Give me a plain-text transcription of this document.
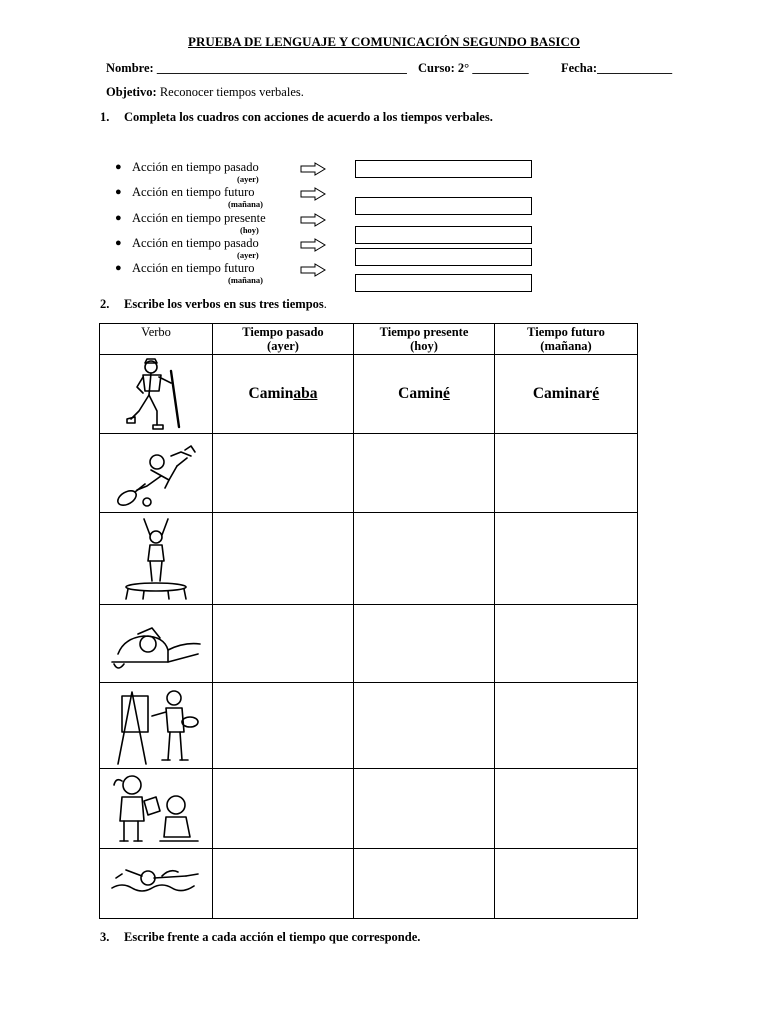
PRUEBA DE LENGUAJE Y COMUNICACIÓN SEGUNDO BASICO
Nombre: ________________________________________ Curso: 2° _________	Fecha:____________
Objetivo: Reconocer tiempos verbales.
1. Completa los cuadros con acciones de acuerdo a los tiempos verbales.
● Acción en tiempo pasado
(ayer)
● Acción en tiempo futuro
(mañana)
● Acción en tiempo presente
(hoy)
● Acción en tiempo pasado
(ayer)
● Acción en tiempo futuro
(mañana)
2. Escribe los verbos en sus tres tiempos.
Verbo	Tiempo pasado
(ayer)	Tiempo presente
(hoy)	Tiempo futuro
(mañana)

	Caminaba	Caminé	Caminaré

3. Escribe frente a cada acción el tiempo que corresponde.
